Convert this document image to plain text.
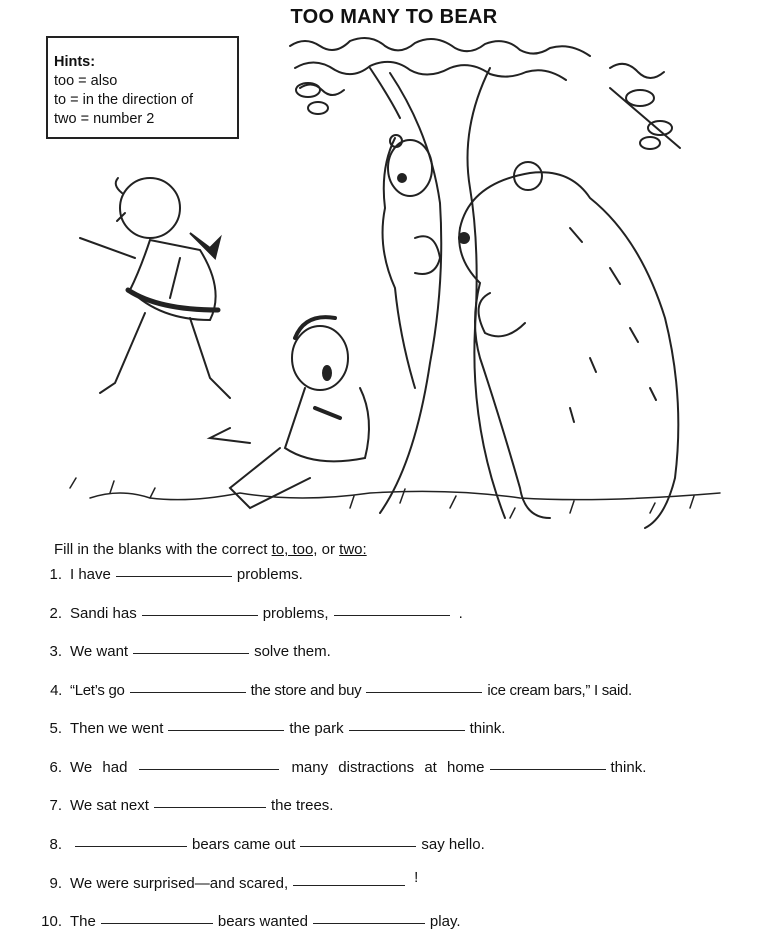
TOO MANY TO BEAR
Hints:
too = also
to = in the direction of
two = number 2
Fill in the blanks with the correct to, too, or two:
1. I have	problems.
2. Sandi has	problems,	.
3. We want	solve them.
4. “Let’s go	the store and buy	ice cream bars,” I said.
5. Then we went	the park	think.
6. We had	many distractions at home	think.
7. We sat next	the trees.
8.	bears came out	say hello.
9. We were surprised—and scared,	!
10. The	bears wanted	play.
